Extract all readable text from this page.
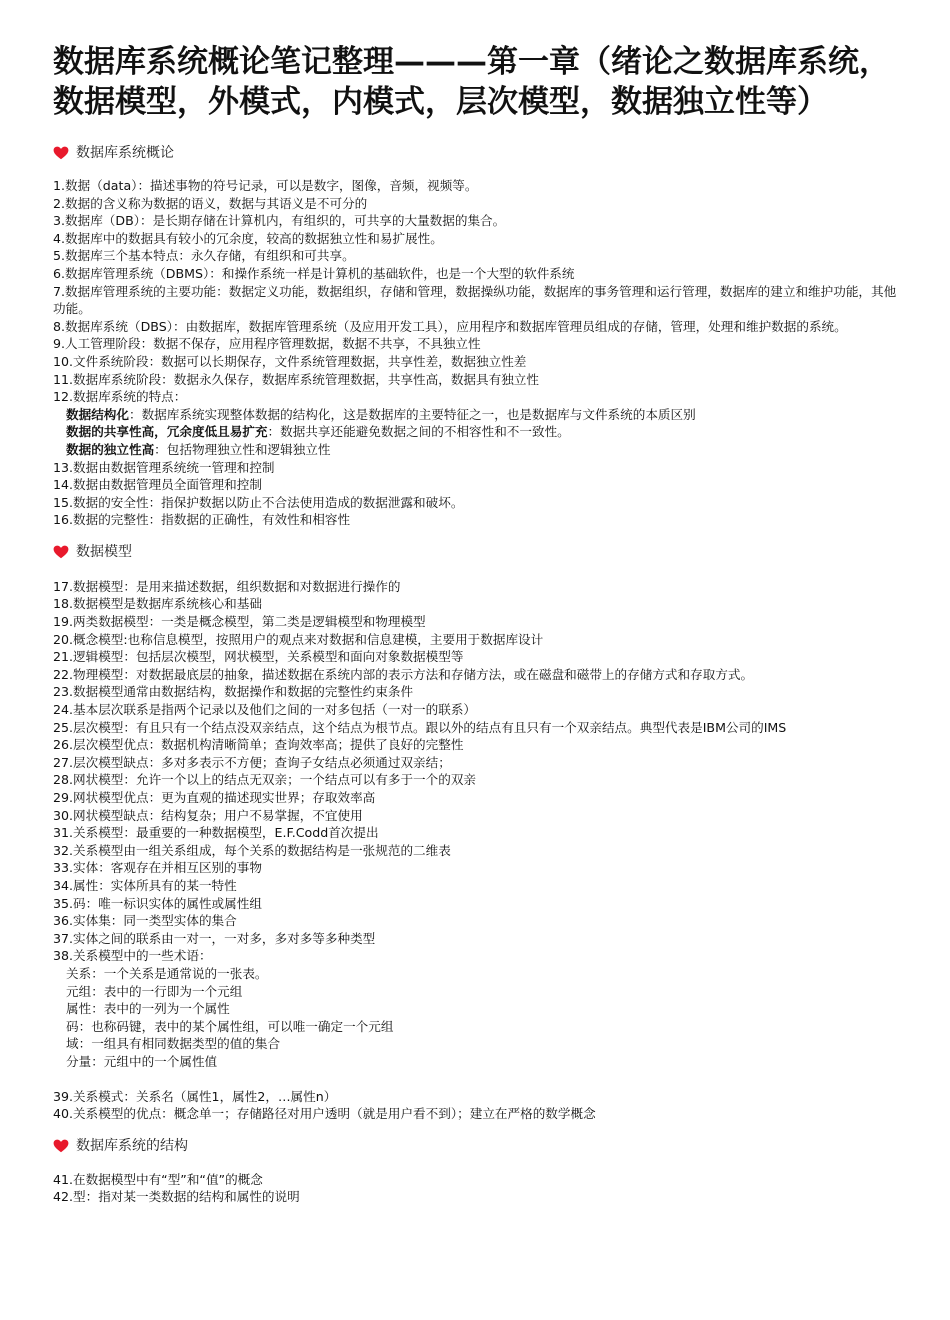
数据库系统概论笔记整理———第一章（绪论之数据库系统，数据模型，外模式，内模式，层次模型，数据独立性等）
数据库系统概论
1.数据（data）：描述事物的符号记录，可以是数字，图像，音频，视频等。
2.数据的含义称为数据的语义，数据与其语义是不可分的
3.数据库（DB）：是长期存储在计算机内，有组织的，可共享的大量数据的集合。
4.数据库中的数据具有较小的冗余度，较高的数据独立性和易扩展性。
5.数据库三个基本特点：永久存储，有组织和可共享。
6.数据库管理系统（DBMS）：和操作系统一样是计算机的基础软件，也是一个大型的软件系统
7.数据库管理系统的主要功能：数据定义功能，数据组织，存储和管理，数据操纵功能，数据库的事务管理和运行管理，数据库的建立和维护功能，其他功能。
8.数据库系统（DBS）：由数据库，数据库管理系统（及应用开发工具），应用程序和数据库管理员组成的存储，管理，处理和维护数据的系统。
9.人工管理阶段：数据不保存，应用程序管理数据，数据不共享，不具独立性
10.文件系统阶段：数据可以长期保存，文件系统管理数据，共享性差，数据独立性差
11.数据库系统阶段：数据永久保存，数据库系统管理数据，共享性高，数据具有独立性
12.数据库系统的特点：
数据结构化：数据库系统实现整体数据的结构化，这是数据库的主要特征之一，也是数据库与文件系统的本质区别
数据的共享性高，冗余度低且易扩充：数据共享还能避免数据之间的不相容性和不一致性。
数据的独立性高：包括物理独立性和逻辑独立性
13.数据由数据管理系统统一管理和控制
14.数据由数据管理员全面管理和控制
15.数据的安全性：指保护数据以防止不合法使用造成的数据泄露和破坏。
16.数据的完整性：指数据的正确性，有效性和相容性
数据模型
17.数据模型：是用来描述数据，组织数据和对数据进行操作的
18.数据模型是数据库系统核心和基础
19.两类数据模型：一类是概念模型，第二类是逻辑模型和物理模型
20.概念模型:也称信息模型，按照用户的观点来对数据和信息建模，主要用于数据库设计
21.逻辑模型：包括层次模型，网状模型，关系模型和面向对象数据模型等
22.物理模型：对数据最底层的抽象，描述数据在系统内部的表示方法和存储方法，或在磁盘和磁带上的存储方式和存取方式。
23.数据模型通常由数据结构，数据操作和数据的完整性约束条件
24.基本层次联系是指两个记录以及他们之间的一对多包括（一对一的联系）
25.层次模型：有且只有一个结点没双亲结点，这个结点为根节点。跟以外的结点有且只有一个双亲结点。典型代表是IBM公司的IMS
26.层次模型优点：数据机构清晰简单；查询效率高；提供了良好的完整性
27.层次模型缺点：多对多表示不方便；查询子女结点必须通过双亲结；
28.网状模型：允许一个以上的结点无双亲；一个结点可以有多于一个的双亲
29.网状模型优点：更为直观的描述现实世界；存取效率高
30.网状模型缺点：结构复杂；用户不易掌握，不宜使用
31.关系模型：最重要的一种数据模型，E.F.Codd首次提出
32.关系模型由一组关系组成，每个关系的数据结构是一张规范的二维表
33.实体：客观存在并相互区别的事物
34.属性：实体所具有的某一特性
35.码：唯一标识实体的属性或属性组
36.实体集：同一类型实体的集合
37.实体之间的联系由一对一，一对多，多对多等多种类型
38.关系模型中的一些术语：
关系：一个关系是通常说的一张表。
元组：表中的一行即为一个元组
属性：表中的一列为一个属性
码：也称码键，表中的某个属性组，可以唯一确定一个元组
域：一组具有相同数据类型的值的集合
分量：元组中的一个属性值
39.关系模式：关系名（属性1，属性2，…属性n）
40.关系模型的优点：概念单一；存储路径对用户透明（就是用户看不到）；建立在严格的数学概念
数据库系统的结构
41.在数据模型中有“型”和“值”的概念
42.型：指对某一类数据的结构和属性的说明
